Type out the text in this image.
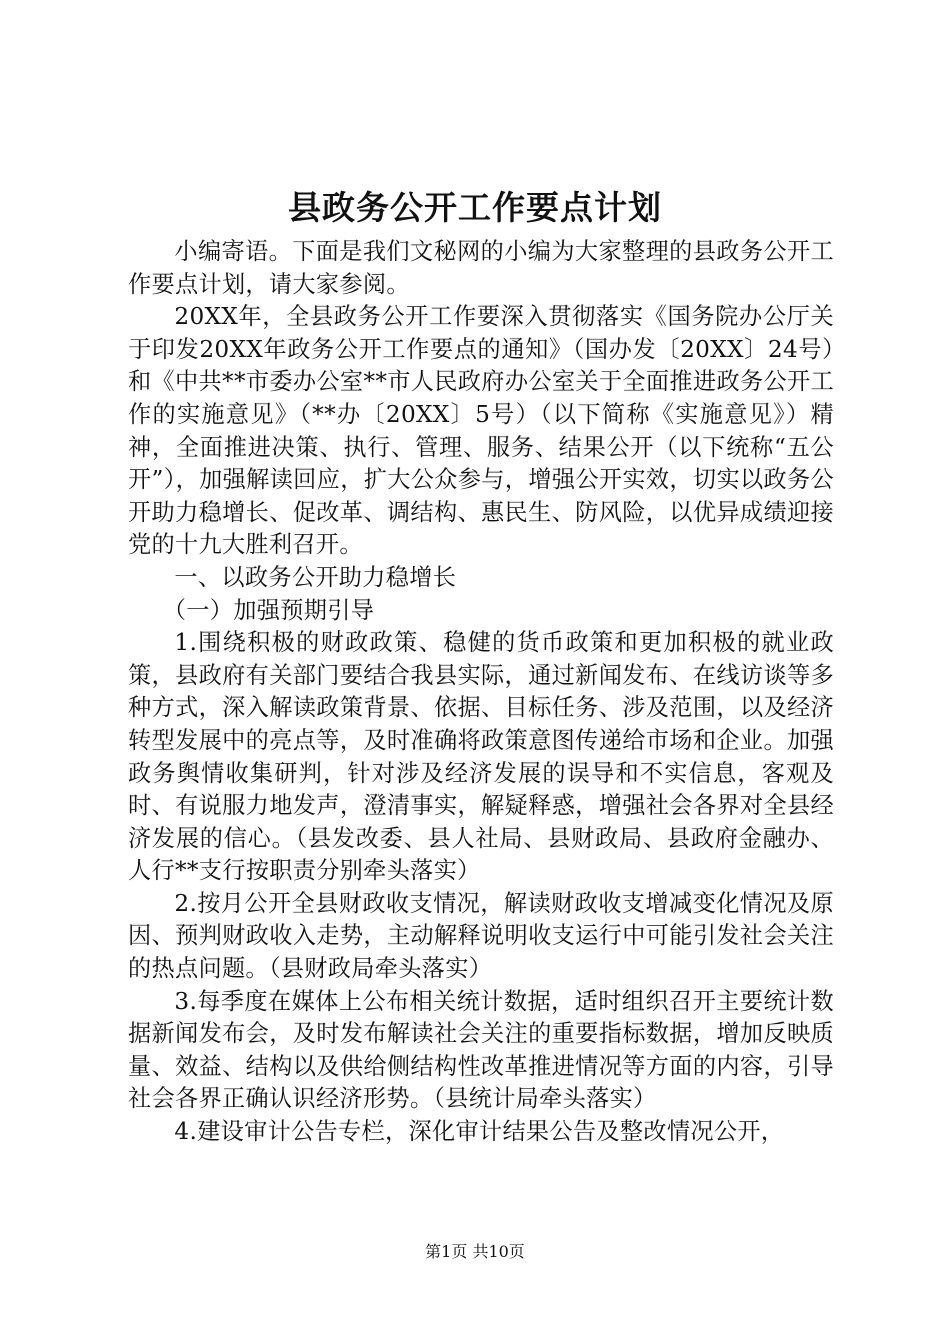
县政务公开工作要点计划

小编寄语。下面是我们文秘网的小编为大家整理的县政务公开工作要点计划，请大家参阅。

20XX年，全县政务公开工作要深入贯彻落实《国务院办公厅关于印发20XX年政务公开工作要点的通知》（国办发〔20XX〕24号）和《中共**市委办公室**市人民政府办公室关于全面推进政务公开工作的实施意见》（**办〔20XX〕5号）（以下简称《实施意见》）精神，全面推进决策、执行、管理、服务、结果公开（以下统称“五公开”），加强解读回应，扩大公众参与，增强公开实效，切实以政务公开助力稳增长、促改革、调结构、惠民生、防风险，以优异成绩迎接党的十九大胜利召开。

一、以政务公开助力稳增长

（一）加强预期引导

1.围绕积极的财政政策、稳健的货币政策和更加积极的就业政策，县政府有关部门要结合我县实际，通过新闻发布、在线访谈等多种方式，深入解读政策背景、依据、目标任务、涉及范围，以及经济转型发展中的亮点等，及时准确将政策意图传递给市场和企业。加强政务舆情收集研判，针对涉及经济发展的误导和不实信息，客观及时、有说服力地发声，澄清事实，解疑释惑，增强社会各界对全县经济发展的信心。（县发改委、县人社局、县财政局、县政府金融办、人行**支行按职责分别牵头落实）

2.按月公开全县财政收支情况，解读财政收支增减变化情况及原因、预判财政收入走势，主动解释说明收支运行中可能引发社会关注的热点问题。（县财政局牵头落实）

3.每季度在媒体上公布相关统计数据，适时组织召开主要统计数据新闻发布会，及时发布解读社会关注的重要指标数据，增加反映质量、效益、结构以及供给侧结构性改革推进情况等方面的内容，引导社会各界正确认识经济形势。（县统计局牵头落实）

4.建设审计公告专栏，深化审计结果公告及整改情况公开，

第1页 共10页
